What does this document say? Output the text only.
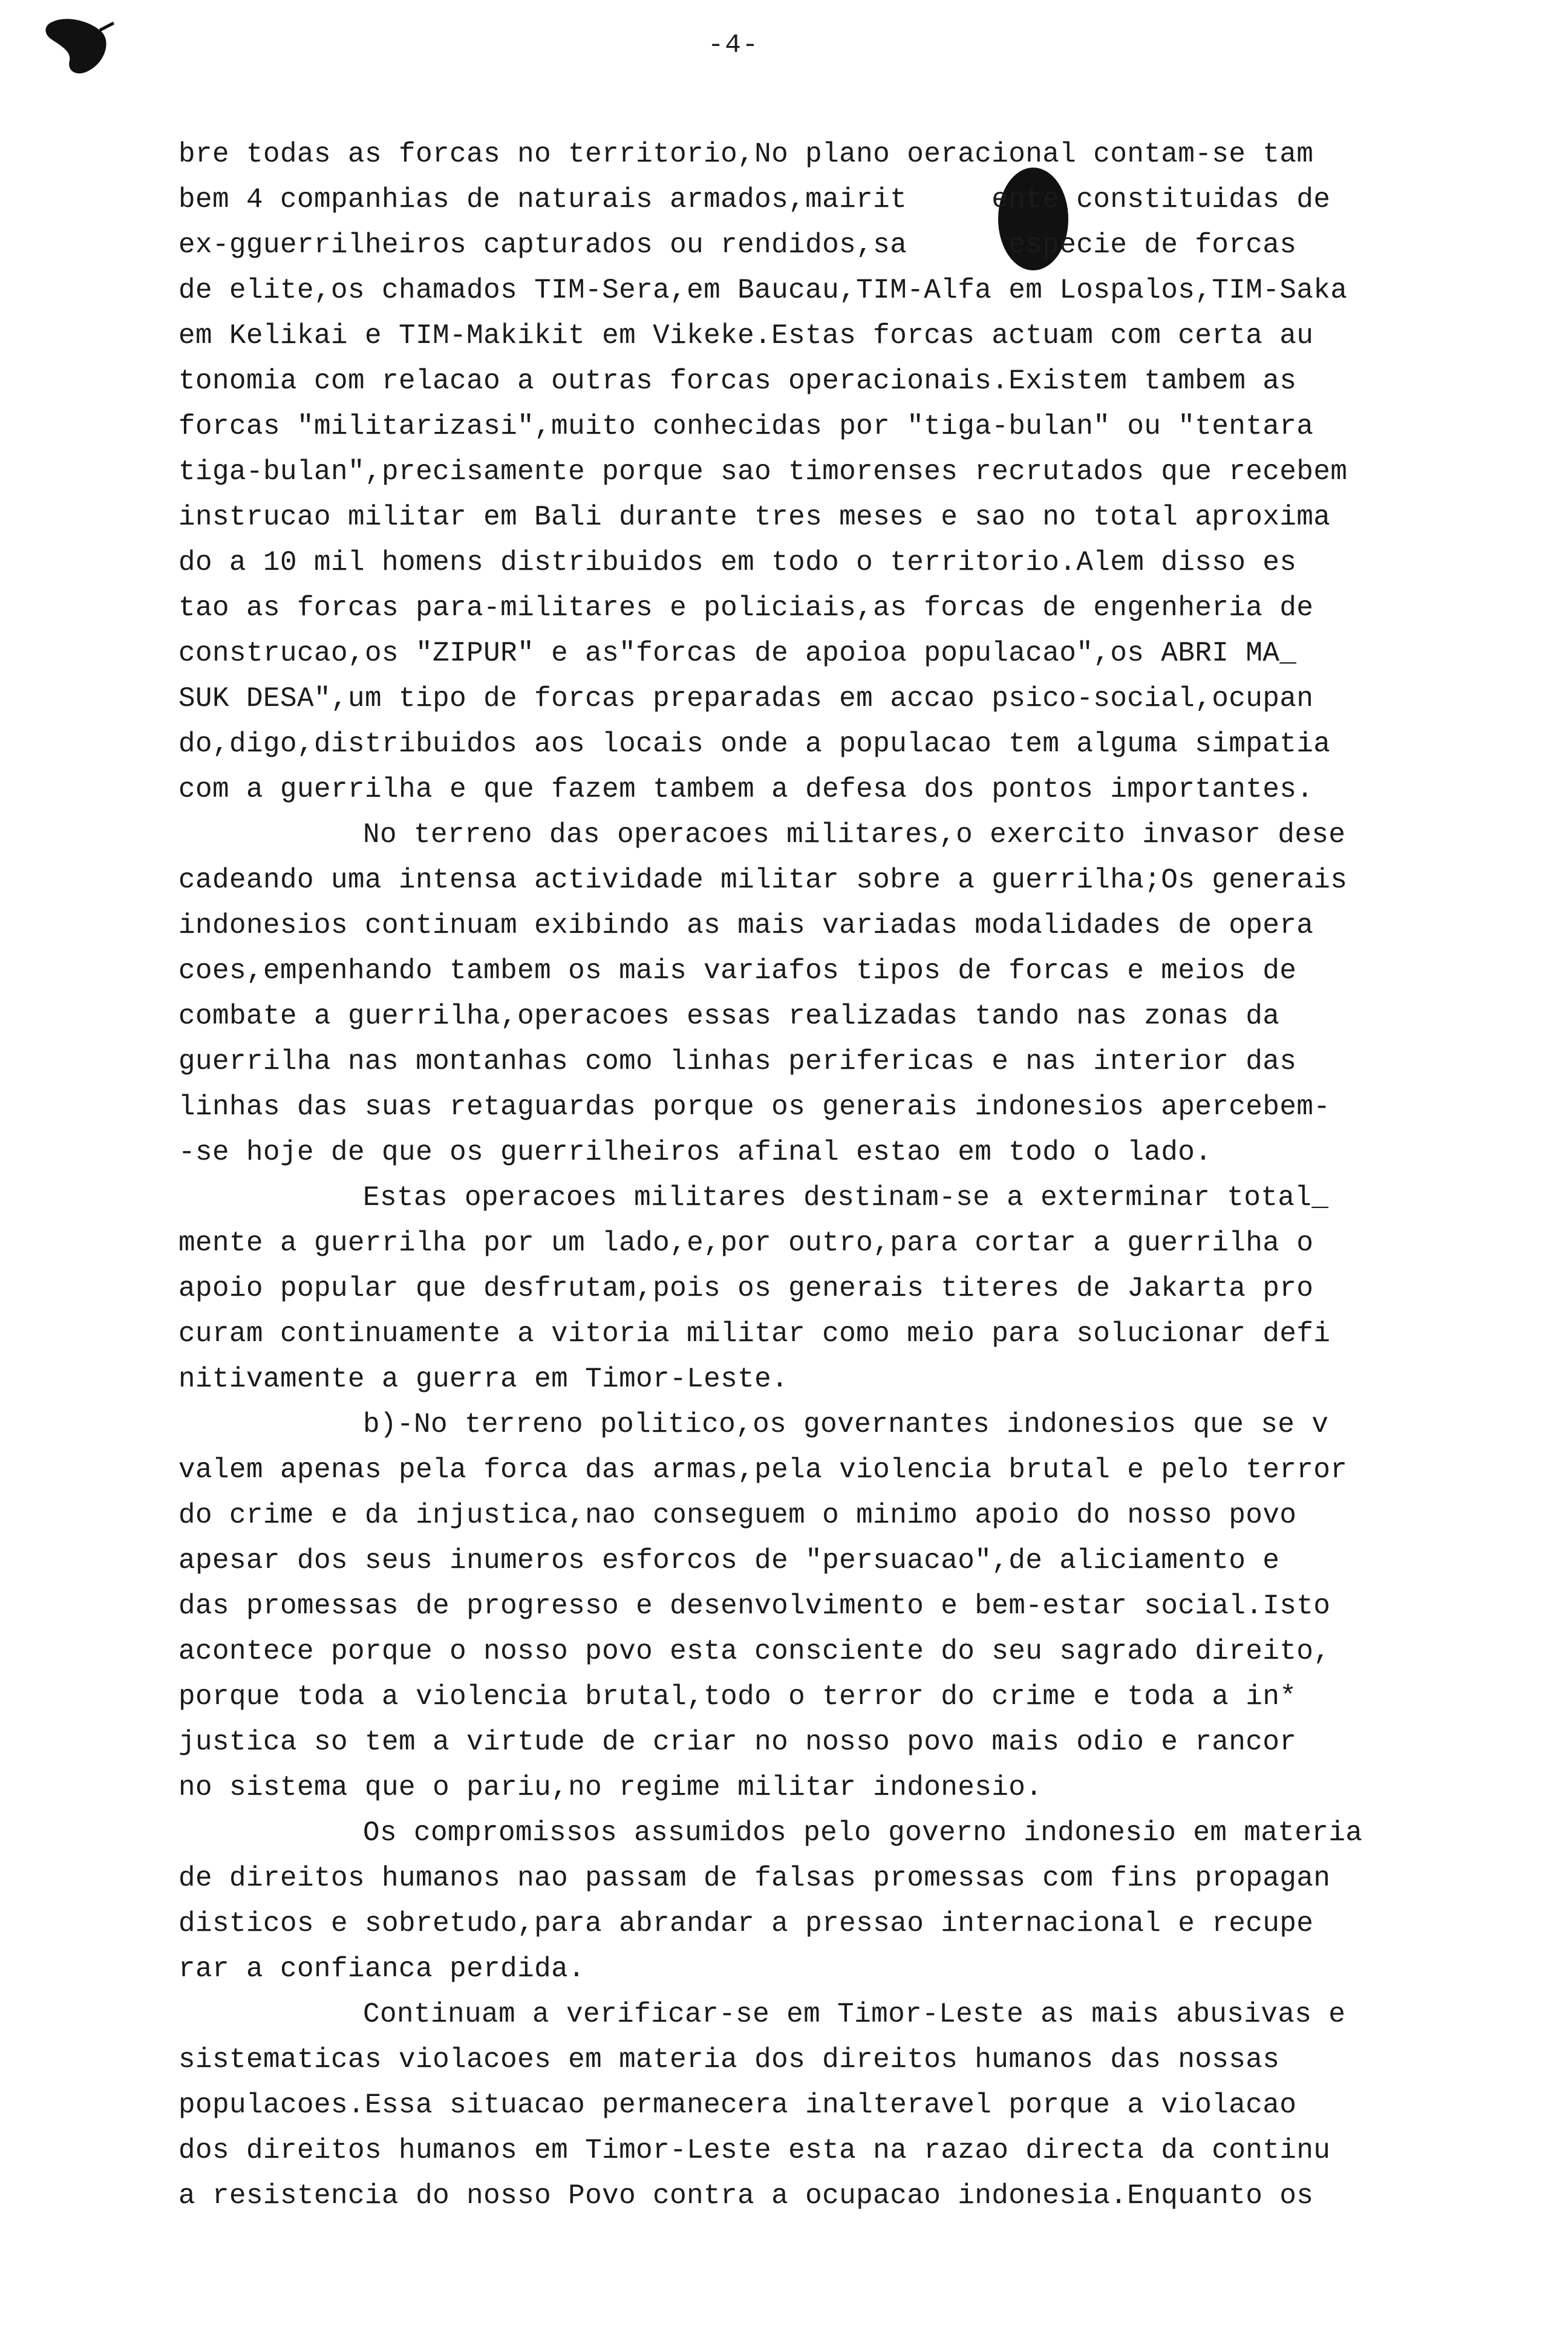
-4-
bre todas as forcas no territorio,No plano oeracional contam-se tam
bem 4 companhias de naturais armados,mairit     ente constituidas de
ex-gguerrilheiros capturados ou rendidos,sa      especie de forcas
de elite,os chamados TIM-Sera,em Baucau,TIM-Alfa em Lospalos,TIM-Saka
em Kelikai e TIM-Makikit em Vikeke.Estas forcas actuam com certa au
tonomia com relacao a outras forcas operacionais.Existem tambem as
forcas "militarizasi",muito conhecidas por "tiga-bulan" ou "tentara
tiga-bulan",precisamente porque sao timorenses recrutados que recebem
instrucao militar em Bali durante tres meses e sao no total aproxima
do a 10 mil homens distribuidos em todo o territorio.Alem disso es
tao as forcas para-militares e policiais,as forcas de engenheria de
construcao,os "ZIPUR" e as"forcas de apoioa populacao",os ABRI MA_
SUK DESA",um tipo de forcas preparadas em accao psico-social,ocupan
do,digo,distribuidos aos locais onde a populacao tem alguma simpatia
com a guerrilha e que fazem tambem a defesa dos pontos importantes.
No terreno das operacoes militares,o exercito invasor dese
cadeando uma intensa actividade militar sobre a guerrilha;Os generais
indonesios continuam exibindo as mais variadas modalidades de opera
coes,empenhando tambem os mais variafos tipos de forcas e meios de
combate a guerrilha,operacoes essas realizadas tando nas zonas da
guerrilha nas montanhas como linhas perifericas e nas interior das
linhas das suas retaguardas porque os generais indonesios apercebem-
-se hoje de que os guerrilheiros afinal estao em todo o lado.
Estas operacoes militares destinam-se a exterminar total_
mente a guerrilha por um lado,e,por outro,para cortar a guerrilha o
apoio popular que desfrutam,pois os generais titeres de Jakarta pro
curam continuamente a vitoria militar como meio para solucionar defi
nitivamente a guerra em Timor-Leste.
b)-No terreno politico,os governantes indonesios que se v
valem apenas pela forca das armas,pela violencia brutal e pelo terror
do crime e da injustica,nao conseguem o minimo apoio do nosso povo
apesar dos seus inumeros esforcos de "persuacao",de aliciamento e
das promessas de progresso e desenvolvimento e bem-estar social.Isto
acontece porque o nosso povo esta consciente do seu sagrado direito,
porque toda a violencia brutal,todo o terror do crime e toda a in*
justica so tem a virtude de criar no nosso povo mais odio e rancor
no sistema que o pariu,no regime militar indonesio.
Os compromissos assumidos pelo governo indonesio em materia
de direitos humanos nao passam de falsas promessas com fins propagan
disticos e sobretudo,para abrandar a pressao internacional e recupe
rar a confianca perdida.
Continuam a verificar-se em Timor-Leste as mais abusivas e
sistematicas violacoes em materia dos direitos humanos das nossas
populacoes.Essa situacao permanecera inalteravel porque a violacao
dos direitos humanos em Timor-Leste esta na razao directa da continu
a resistencia do nosso Povo contra a ocupacao indonesia.Enquanto os
